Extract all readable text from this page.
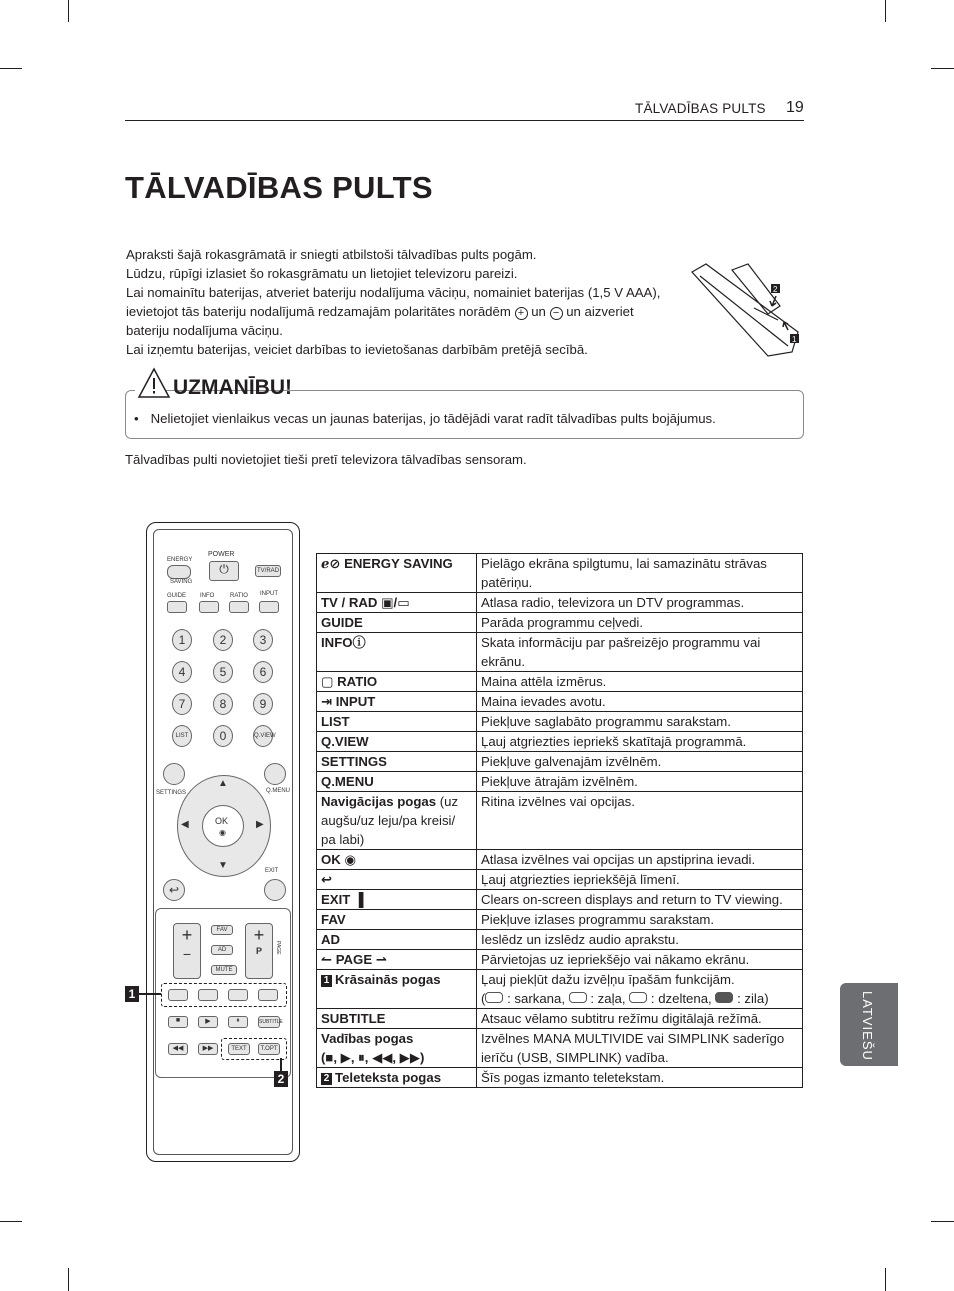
TĀLVADĪBAS PULTS 19
TĀLVADĪBAS PULTS

Apraksti šajā rokasgrāmatā ir sniegti atbilstoši tālvadības pults pogām.

Lūdzu, rūpīgi izlasiet šo rokasgrāmatu un lietojiet televizoru pareizi.

Lai nomainītu baterijas, atveriet bateriju nodalījuma vāciņu, nomainiet baterijas (1,5 V AAA), ievietojot tās bateriju nodalījumā redzamajām polaritātes norādēm + un − un aizveriet bateriju nodalījuma vāciņu.

Lai izņemtu baterijas, veiciet darbības to ievietošanas darbībām pretējā secībā.

2
1
UZMANĪBU!
• Nelietojiet vienlaikus vecas un jaunas baterijas, jo tādējādi varat radīt tālvadības pults bojājumus.
Tālvadības pulti novietojiet tieši pretī televizora tālvadības sensoram.
LATVIEŠU
ENERGY
SAVING
POWER
⏻	TV/RAD
GUIDE INFO	RATIO INPUT
1	2	3
4	5	6
7	8	9
LIST	0	Q.VIEW
SETTINGS	Q.MENU
▲
▼
◀	▶
OK
◉
EXIT
↩
+
−
FAV
AD
MUTE
+
P	PAGE
■	▶	⏸	SUBTITLE
◀◀	▶▶	TEXT	T.OPT
1
2
ℯ⊘ ENERGY SAVING	Pielāgo ekrāna spilgtumu, lai samazinātu strāvas patēriņu.
TV / RAD ▣/▭	Atlasa radio, televizora un DTV programmas.
GUIDE	Parāda programmu ceļvedi.
INFOⓘ	Skata informāciju par pašreizējo programmu vai ekrānu.
▢ RATIO	Maina attēla izmērus.
⇥ INPUT	Maina ievades avotu.
LIST	Piekļuve saglabāto programmu sarakstam.
Q.VIEW	Ļauj atgriezties iepriekš skatītajā programmā.
SETTINGS	Piekļuve galvenajām izvēlnēm.
Q.MENU	Piekļuve ātrajām izvēlnēm.
Navigācijas pogas (uz augšu/uz leju/pa kreisi/ pa labi)	Ritina izvēlnes vai opcijas.
OK ◉	Atlasa izvēlnes vai opcijas un apstiprina ievadi.
↩	Ļauj atgriezties iepriekšējā līmenī.
EXIT ▐	Clears on-screen displays and return to TV viewing.
FAV	Piekļuve izlases programmu sarakstam.
AD	Ieslēdz un izslēdz audio aprakstu.
↼ PAGE ⇀	Pārvietojas uz iepriekšējo vai nākamo ekrānu.
1 Krāsainās pogas	Ļauj piekļūt dažu izvēļņu īpašām funkcijām.
( : sarkana, : zaļa, : dzeltena, : zila)
SUBTITLE	Atsauc vēlamo subtitru režīmu digitālajā režīmā.
Vadības pogas
(■, ▶, ⏸, ◀◀, ▶▶)	Izvēlnes MANA MULTIVIDE vai SIMPLINK saderīgo ierīču (USB, SIMPLINK) vadība.
2 Teleteksta pogas	Šīs pogas izmanto teletekstam.
